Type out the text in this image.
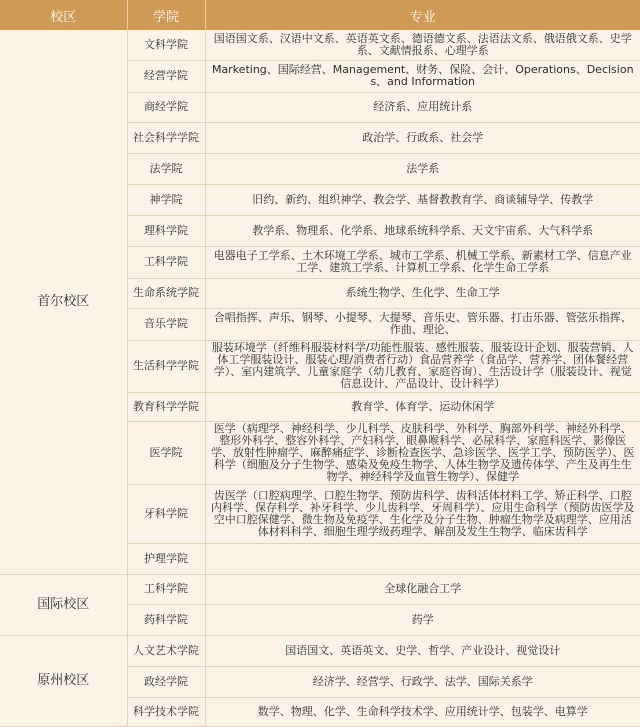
校区	学院	专业
首尔校区	文科学院	国语国文系、汉语中文系、英语英文系、德语德文系、法语法文系、俄语俄文系、史学系、文献情报系、心理学系
	经营学院	Marketing、国际经营、Management、财务、保险、会计、Operations、Decisions、and Information
	商经学院	经济系、应用统计系
	社会科学学院	政治学、行政系、社会学
	法学院	法学系
	神学院	旧约、新约、组织神学、教会学、基督教教育学、商谈辅导学、传教学
	理科学院	教学系、物理系、化学系、地球系统科学系、天文宇宙系、大气科学系
	工科学院	电器电子工学系、土木环境工学系、城市工学系、机械工学系、新素材工学、信息产业工学、建筑工学系、计算机工学系、化学生命工学系
	生命系统学院	系统生物学、生化学、生命工学
	音乐学院	合唱指挥、声乐、钢琴、小提琴、大提琴、音乐史、管乐器、打击乐器、管弦乐指挥、作曲、理论、
	生活科学学院	服装环境学（纤维科服装材料学/功能性服装、感性服装、服装设计企划、服装营销、人体工学服装设计、服装心理/消费者行动）食品营养学（食品学、营养学、团体餐经营学）、室内建筑学、儿童家庭学（幼儿教育、家庭咨询）、生活设计学（服装设计、视觉信息设计、产品设计、设计科学）
	教育科学学院	教育学、体育学、运动休闲学
	医学院	医学（病理学、神经科学、少儿科学、皮肤科学、外科学、胸部外科学、神经外科学、整形外科学、整容外科学、产妇科学、眼鼻喉科学、必尿科学、家庭科医学、影像医学、放射性肿瘤学、麻醉痛症学、诊断检查医学、急诊医学、医学工学、预防医学）、医科学（细胞及分子生物学、感染及免疫生物学、人体生物学及遗传体学、产生及再生生物学、神经科学及血管生物学）、保健学
	牙科学院	齿医学（口腔病理学、口腔生物学、预防齿科学、齿科活体材料工学、矫正科学、口腔内科学、保存科学、补牙科学、少儿齿科学、牙周科学）、应用生命科学（预防齿医学及空中口腔保健学、微生物及免疫学、生化学及分子生物、肿瘤生物学及病理学、应用活体材料科学、细胞生理学级药理学、解剖及发生生物学、临床齿科学
	护理学院	
国际校区	工科学院	全球化融合工学
	药科学院	药学
原州校区	人文艺术学院	国语国文、英语英文、史学、哲学、产业设计、视觉设计
	政经学院	经济学、经营学、行政学、法学、国际关系学
	科学技术学院	数学、物理、化学、生命科学技术学、应用统计学、包装学、电算学
